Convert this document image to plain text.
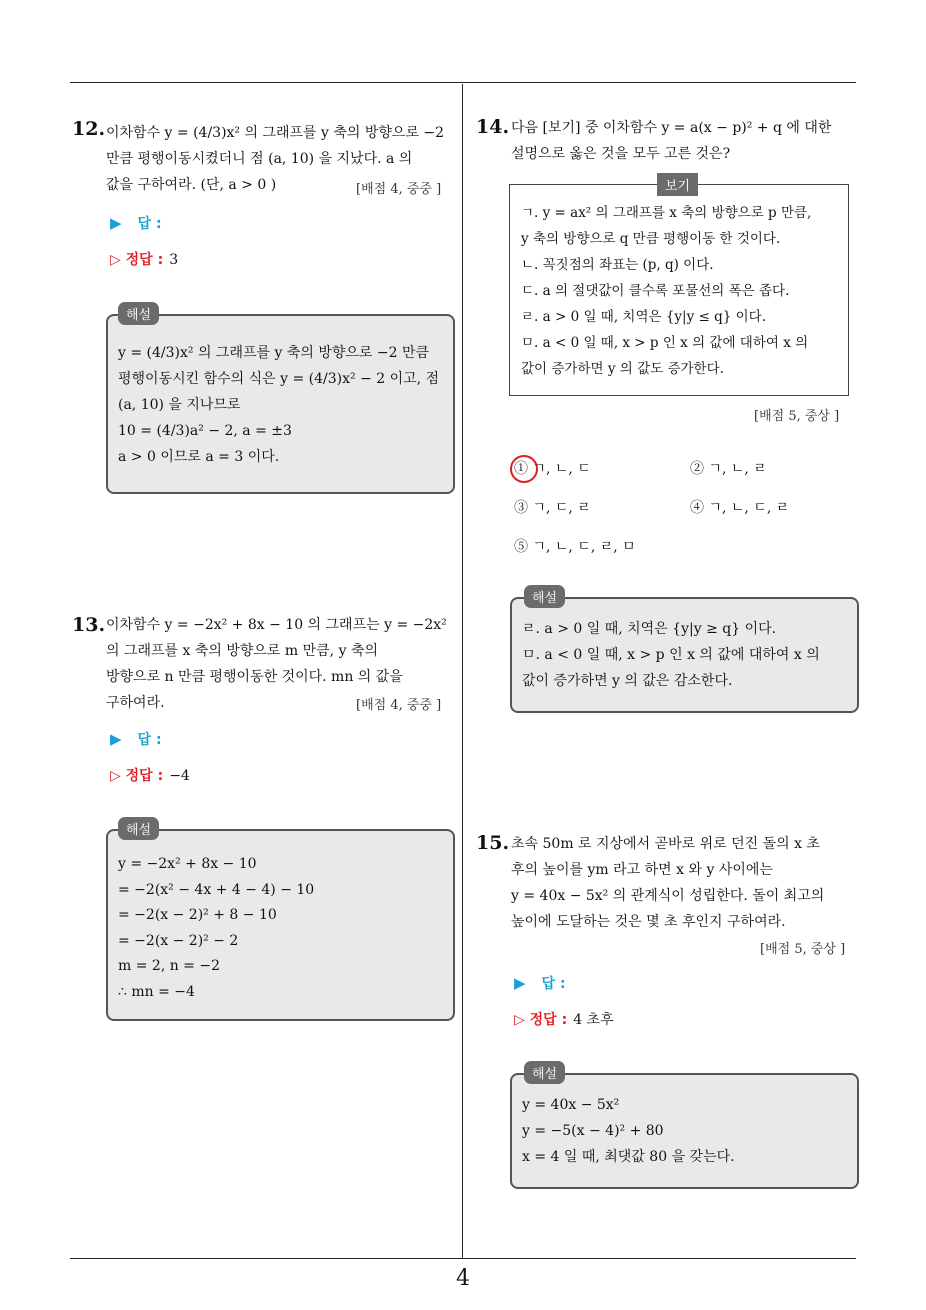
4
12. 이차함수 y = (4/3)x² 의 그래프를 y 축의 방향으로 −2
만큼 평행이동시켰더니 점 (a, 10) 을 지났다. a 의
값을 구하여라. (단, a > 0 )	[배점 4, 중중 ]
▶ 답 :
▷ 정답 : 3
해설
y = (4/3)x² 의 그래프를 y 축의 방향으로 −2 만큼
평행이동시킨 함수의 식은 y = (4/3)x² − 2 이고, 점
(a, 10) 을 지나므로
10 = (4/3)a² − 2, a = ±3
a > 0 이므로 a = 3 이다.
13. 이차함수 y = −2x² + 8x − 10 의 그래프는 y = −2x²
의 그래프를 x 축의 방향으로 m 만큼, y 축의
방향으로 n 만큼 평행이동한 것이다. mn 의 값을
구하여라.	[배점 4, 중중 ]
▶ 답 :
▷ 정답 : −4
해설
y = −2x² + 8x − 10
= −2(x² − 4x + 4 − 4) − 10
= −2(x − 2)² + 8 − 10
= −2(x − 2)² − 2
m = 2, n = −2
∴ mn = −4
14. 다음 [보기] 중 이차함수 y = a(x − p)² + q 에 대한
설명으로 옳은 것을 모두 고른 것은?
보기
ㄱ. y = ax² 의 그래프를 x 축의 방향으로 p 만큼,
y 축의 방향으로 q 만큼 평행이동 한 것이다.
ㄴ. 꼭짓점의 좌표는 (p, q) 이다.
ㄷ. a 의 절댓값이 클수록 포물선의 폭은 좁다.
ㄹ. a > 0 일 때, 치역은 {y|y ≤ q} 이다.
ㅁ. a < 0 일 때, x > p 인 x 의 값에 대하여 x 의
값이 증가하면 y 의 값도 증가한다.
[배점 5, 중상 ]
① ㄱ, ㄴ, ㄷ	② ㄱ, ㄴ, ㄹ
③ ㄱ, ㄷ, ㄹ	④ ㄱ, ㄴ, ㄷ, ㄹ
⑤ ㄱ, ㄴ, ㄷ, ㄹ, ㅁ
해설
ㄹ. a > 0 일 때, 치역은 {y|y ≥ q} 이다.
ㅁ. a < 0 일 때, x > p 인 x 의 값에 대하여 x 의
값이 증가하면 y 의 값은 감소한다.
15. 초속 50m 로 지상에서 곧바로 위로 던진 돌의 x 초
후의 높이를 ym 라고 하면 x 와 y 사이에는
y = 40x − 5x² 의 관계식이 성립한다. 돌이 최고의
높이에 도달하는 것은 몇 초 후인지 구하여라.
[배점 5, 중상 ]
▶ 답 :
▷ 정답 : 4 초후
해설
y = 40x − 5x²
y = −5(x − 4)² + 80
x = 4 일 때, 최댓값 80 을 갖는다.
